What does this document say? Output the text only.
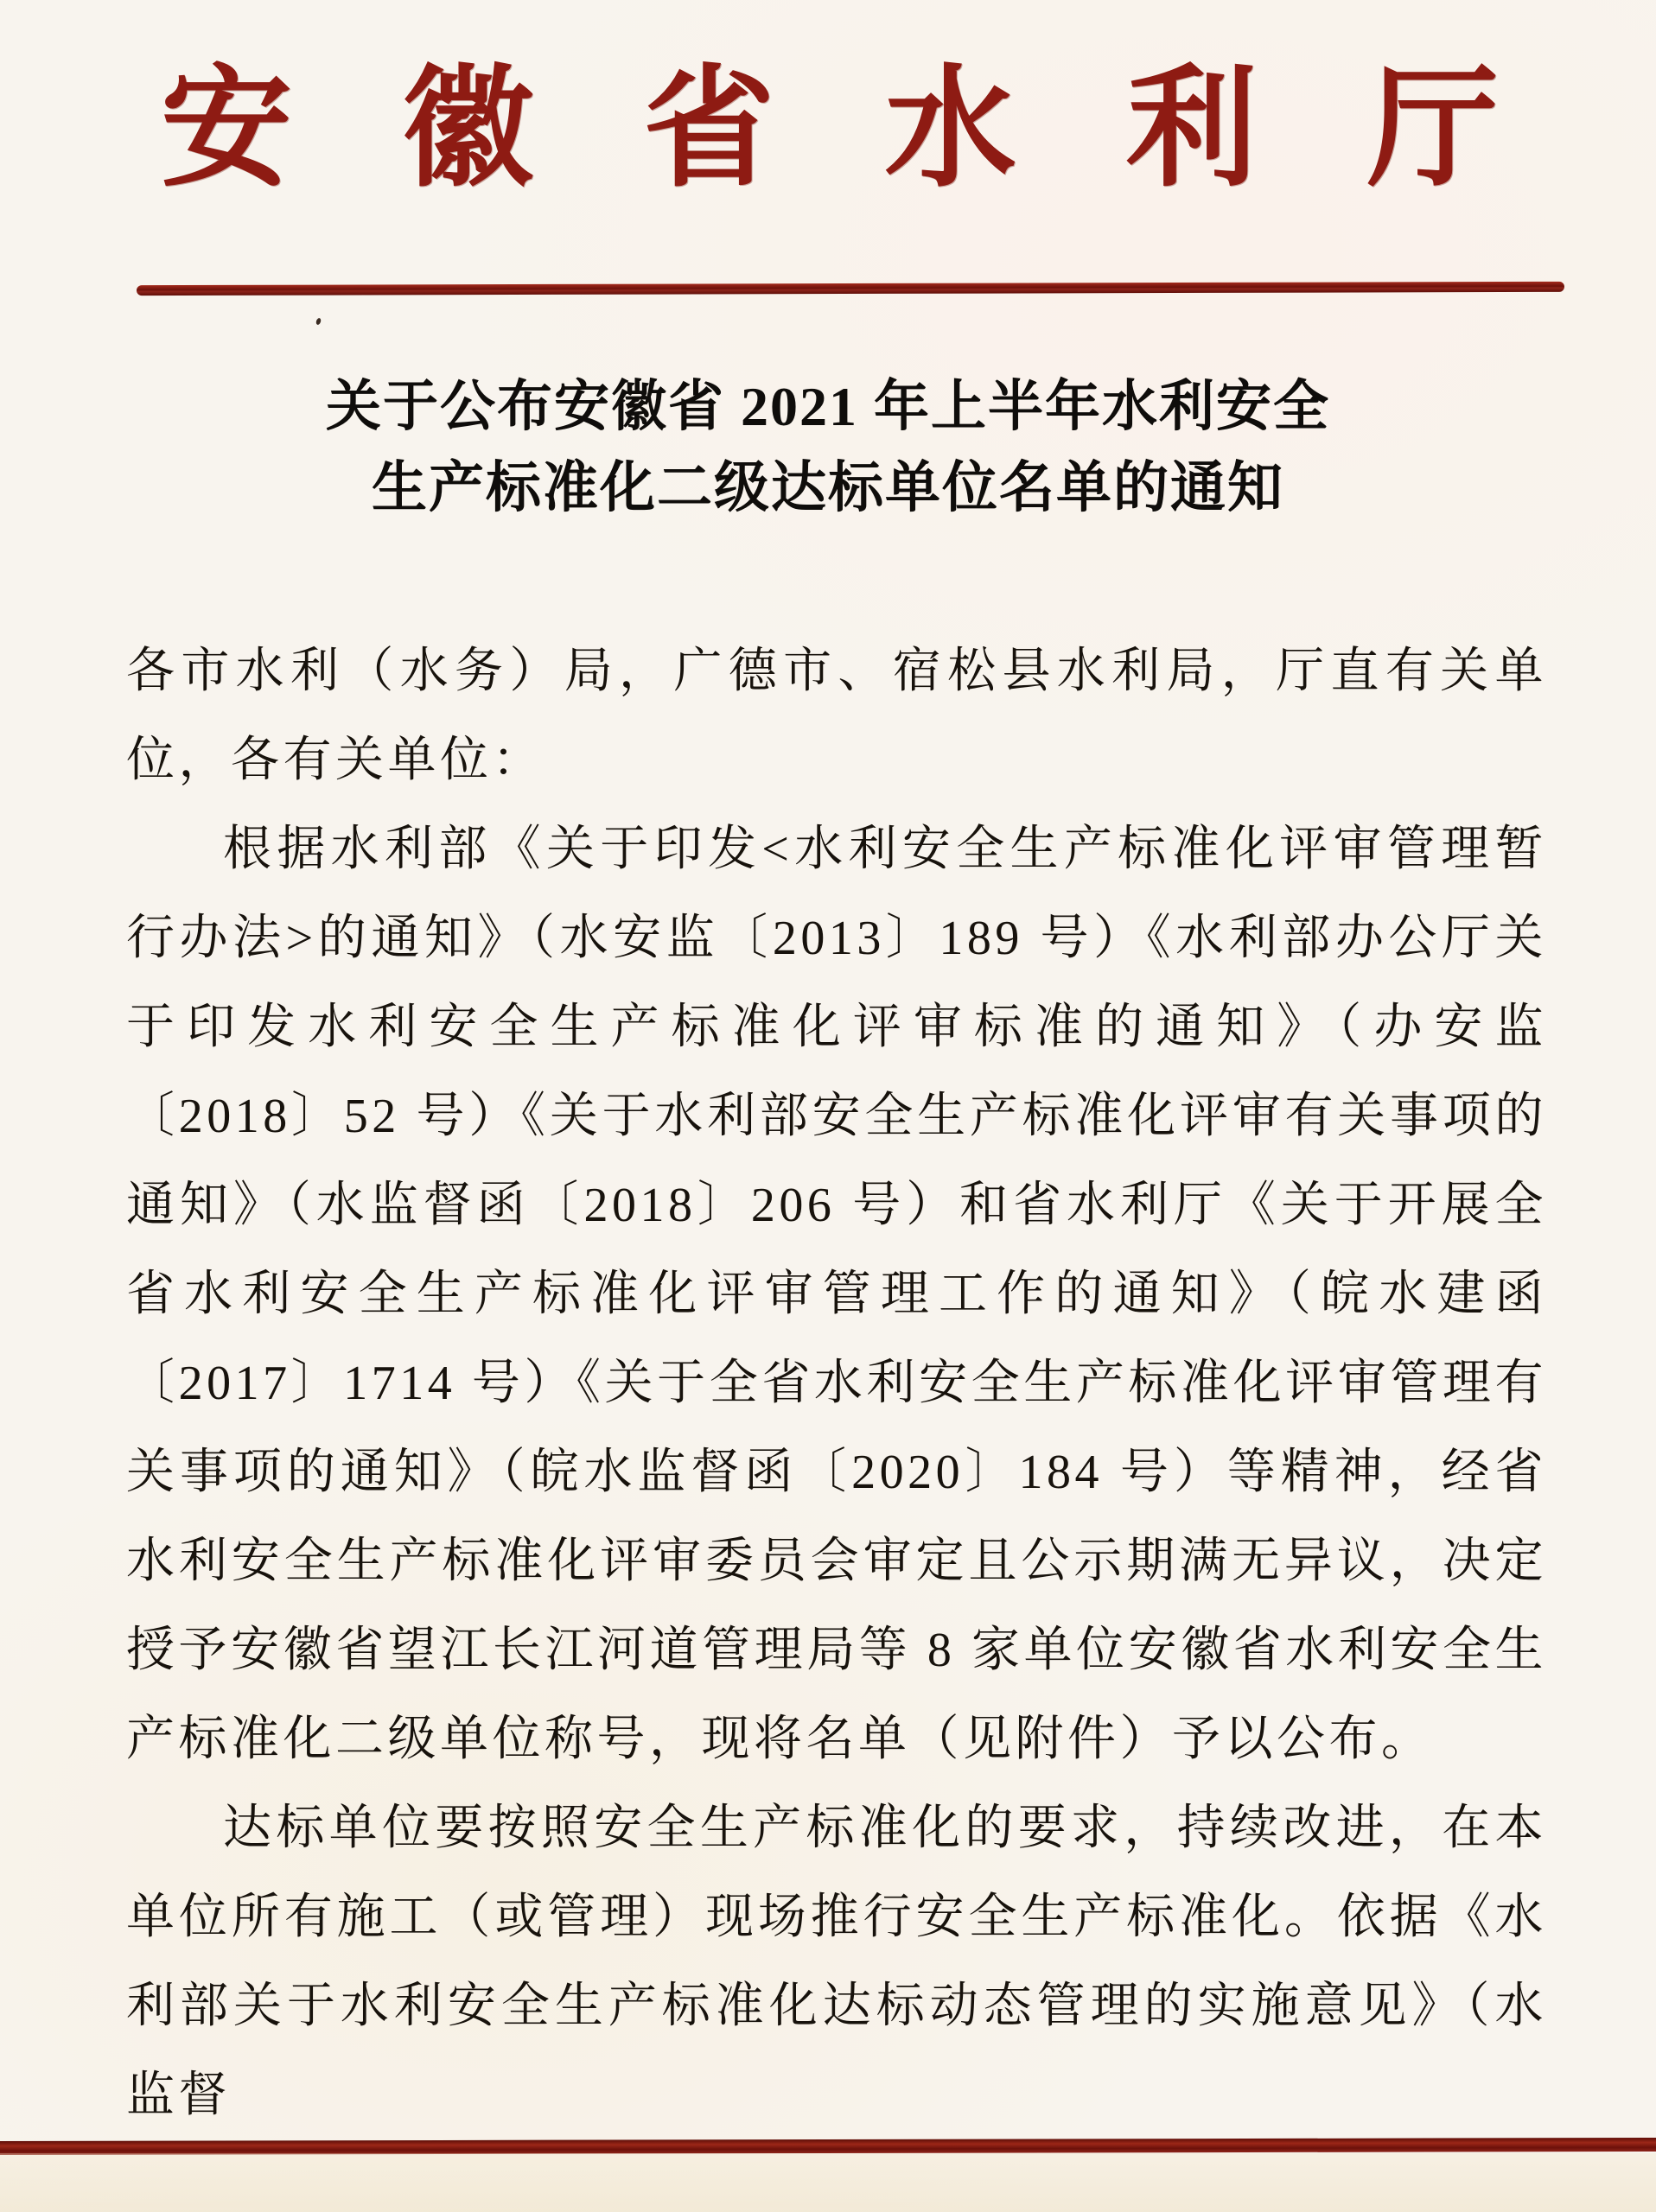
安 徽 省 水 利 厅
关于公布安徽省 2021 年上半年水利安全
生产标准化二级达标单位名单的通知

各市水利（水务）局，广德市、宿松县水利局，厅直有关单位，各有关单位：

根据水利部《关于印发<水利安全生产标准化评审管理暂行办法>的通知》（水安监〔2013〕189 号）《水利部办公厅关于印发水利安全生产标准化评审标准的通知》（办安监〔2018〕52 号）《关于水利部安全生产标准化评审有关事项的通知》（水监督函〔2018〕206 号）和省水利厅《关于开展全省水利安全生产标准化评审管理工作的通知》（皖水建函〔2017〕1714 号）《关于全省水利安全生产标准化评审管理有关事项的通知》（皖水监督函〔2020〕184 号）等精神，经省水利安全生产标准化评审委员会审定且公示期满无异议，决定授予安徽省望江长江河道管理局等 8 家单位安徽省水利安全生产标准化二级单位称号，现将名单（见附件）予以公布。

达标单位要按照安全生产标准化的要求，持续改进，在本单位所有施工（或管理）现场推行安全生产标准化。依据《水利部关于水利安全生产标准化达标动态管理的实施意见》（水监督
